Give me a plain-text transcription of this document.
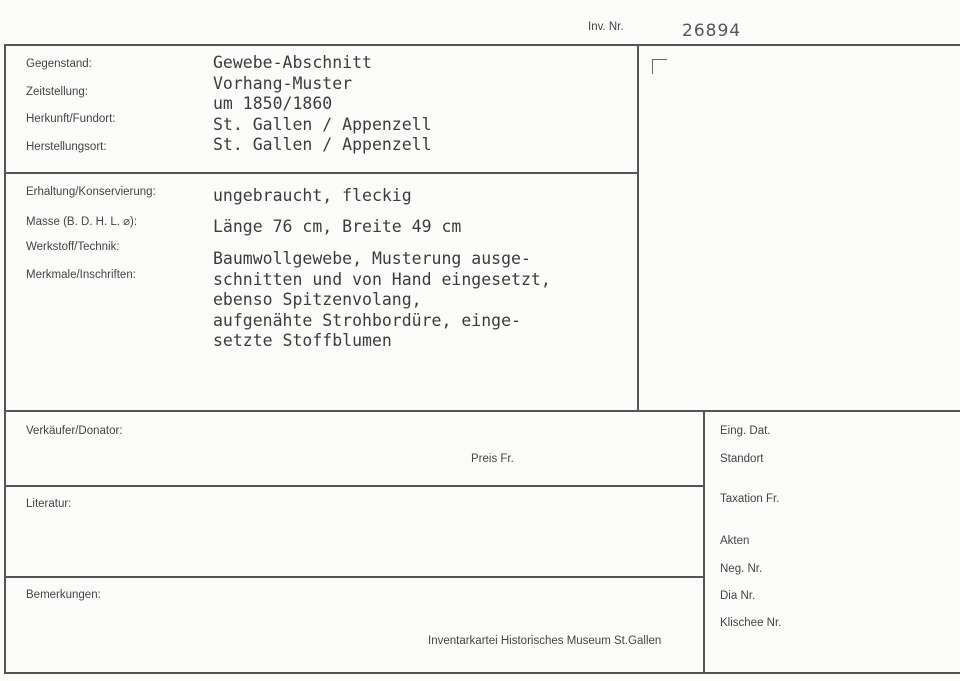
Inv. Nr.	26894
Gegenstand:
Zeitstellung:
Herkunft/Fundort:
Herstellungsort:
Gewebe-Abschnitt
Vorhang-Muster
um 1850/1860
St. Gallen / Appenzell
St. Gallen / Appenzell
Erhaltung/Konservierung:
Masse (B. D. H. L. ⌀):
Werkstoff/Technik:
Merkmale/Inschriften:
ungebraucht, fleckig
Länge 76 cm, Breite 49 cm
Baumwollgewebe, Musterung ausge-
schnitten und von Hand eingesetzt,
ebenso Spitzenvolang,
aufgenähte Strohbordüre, einge-
setzte Stoffblumen
Verkäufer/Donator:
Preis Fr.
Literatur:
Bemerkungen:
Inventarkartei Historisches Museum St.Gallen
Eing. Dat.
Standort
Taxation Fr.
Akten
Neg. Nr.
Dia Nr.
Klischee Nr.
